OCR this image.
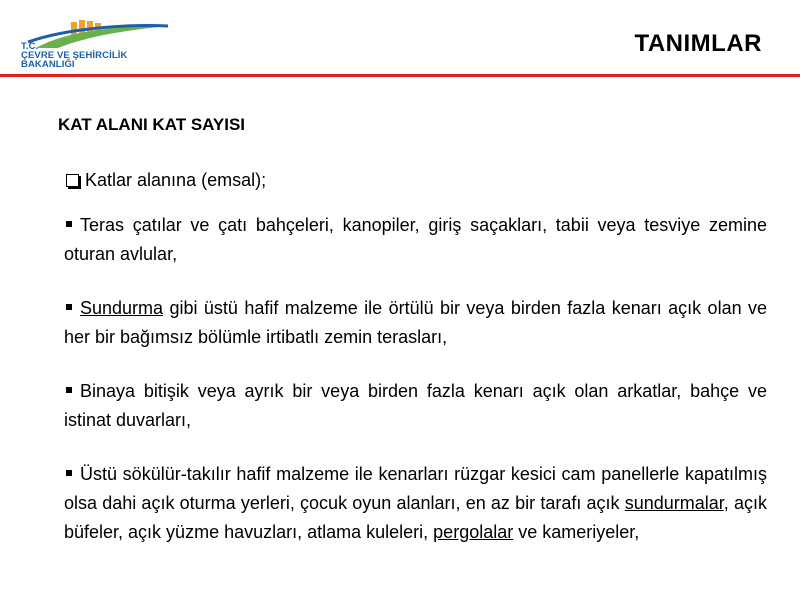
T.C.
ÇEVRE VE ŞEHİRCİLİK
BAKANLIĞI
TANIMLAR
KAT ALANI KAT SAYISI

Katlar alanına (emsal);

Teras çatılar ve çatı bahçeleri, kanopiler, giriş saçakları, tabii veya tesviye zemine oturan avlular,

Sundurma gibi üstü hafif malzeme ile örtülü bir veya birden fazla kenarı açık olan ve her bir bağımsız bölümle irtibatlı zemin terasları,

Binaya bitişik veya ayrık bir veya birden fazla kenarı açık olan arkatlar, bahçe ve istinat duvarları,

Üstü sökülür-takılır hafif malzeme ile kenarları rüzgar kesici cam panellerle kapatılmış olsa dahi açık oturma yerleri, çocuk oyun alanları, en az bir tarafı açık sundurmalar, açık büfeler, açık yüzme havuzları, atlama kuleleri, pergolalar ve kameriyeler,
